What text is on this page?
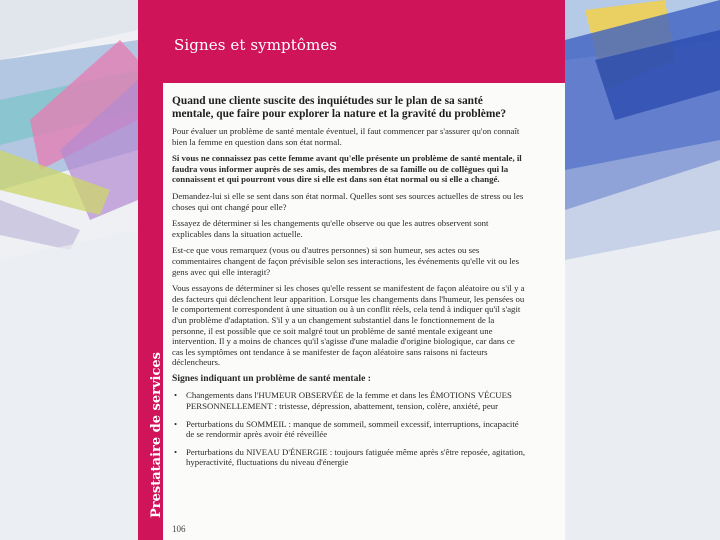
Signes et symptômes
Prestataire de services
Quand une cliente suscite des inquiétudes sur le plan de sa santé mentale, que faire pour explorer la nature et la gravité du problème?

Pour évaluer un problème de santé mentale éventuel, il faut commencer par s'assurer qu'on connaît bien la femme en question dans son état normal.

Si vous ne connaissez pas cette femme avant qu'elle présente un problème de santé mentale, il faudra vous informer auprès de ses amis, des membres de sa famille ou de collègues qui la connaissent et qui pourront vous dire si elle est dans son état normal ou si elle a changé.

Demandez-lui si elle se sent dans son état normal. Quelles sont ses sources actuelles de stress ou les choses qui ont changé pour elle?

Essayez de déterminer si les changements qu'elle observe ou que les autres observent sont explicables dans la situation actuelle.

Est-ce que vous remarquez (vous ou d'autres personnes) si son humeur, ses actes ou ses commentaires changent de façon prévisible selon ses interactions, les événements qu'elle vit ou les gens avec qui elle interagit?

Vous essayons de déterminer si les choses qu'elle ressent se manifestent de façon aléatoire ou s'il y a des facteurs qui déclenchent leur apparition. Lorsque les changements dans l'humeur, les pensées ou le comportement correspondent à une situation ou à un conflit réels, cela tend à indiquer qu'il s'agit d'un problème d'adaptation. S'il y a un changement substantiel dans le fonctionnement de la personne, il est possible que ce soit malgré tout un problème de santé mentale exigeant une intervention. Il y a moins de chances qu'il s'agisse d'une maladie d'origine biologique, car dans ce cas les symptômes ont tendance à se manifester de façon aléatoire sans raisons ni facteurs déclencheurs.

Signes indiquant un problème de santé mentale :
• Changements dans l'HUMEUR OBSERVÉE de la femme et dans les ÉMOTIONS VÉCUES PERSONNELLEMENT : tristesse, dépression, abattement, tension, colère, anxiété, peur
• Perturbations du SOMMEIL : manque de sommeil, sommeil excessif, interruptions, incapacité de se rendormir après avoir été réveillée
• Perturbations du NIVEAU D'ÉNERGIE : toujours fatiguée même après s'être reposée, agitation, hyperactivité, fluctuations du niveau d'énergie
106
